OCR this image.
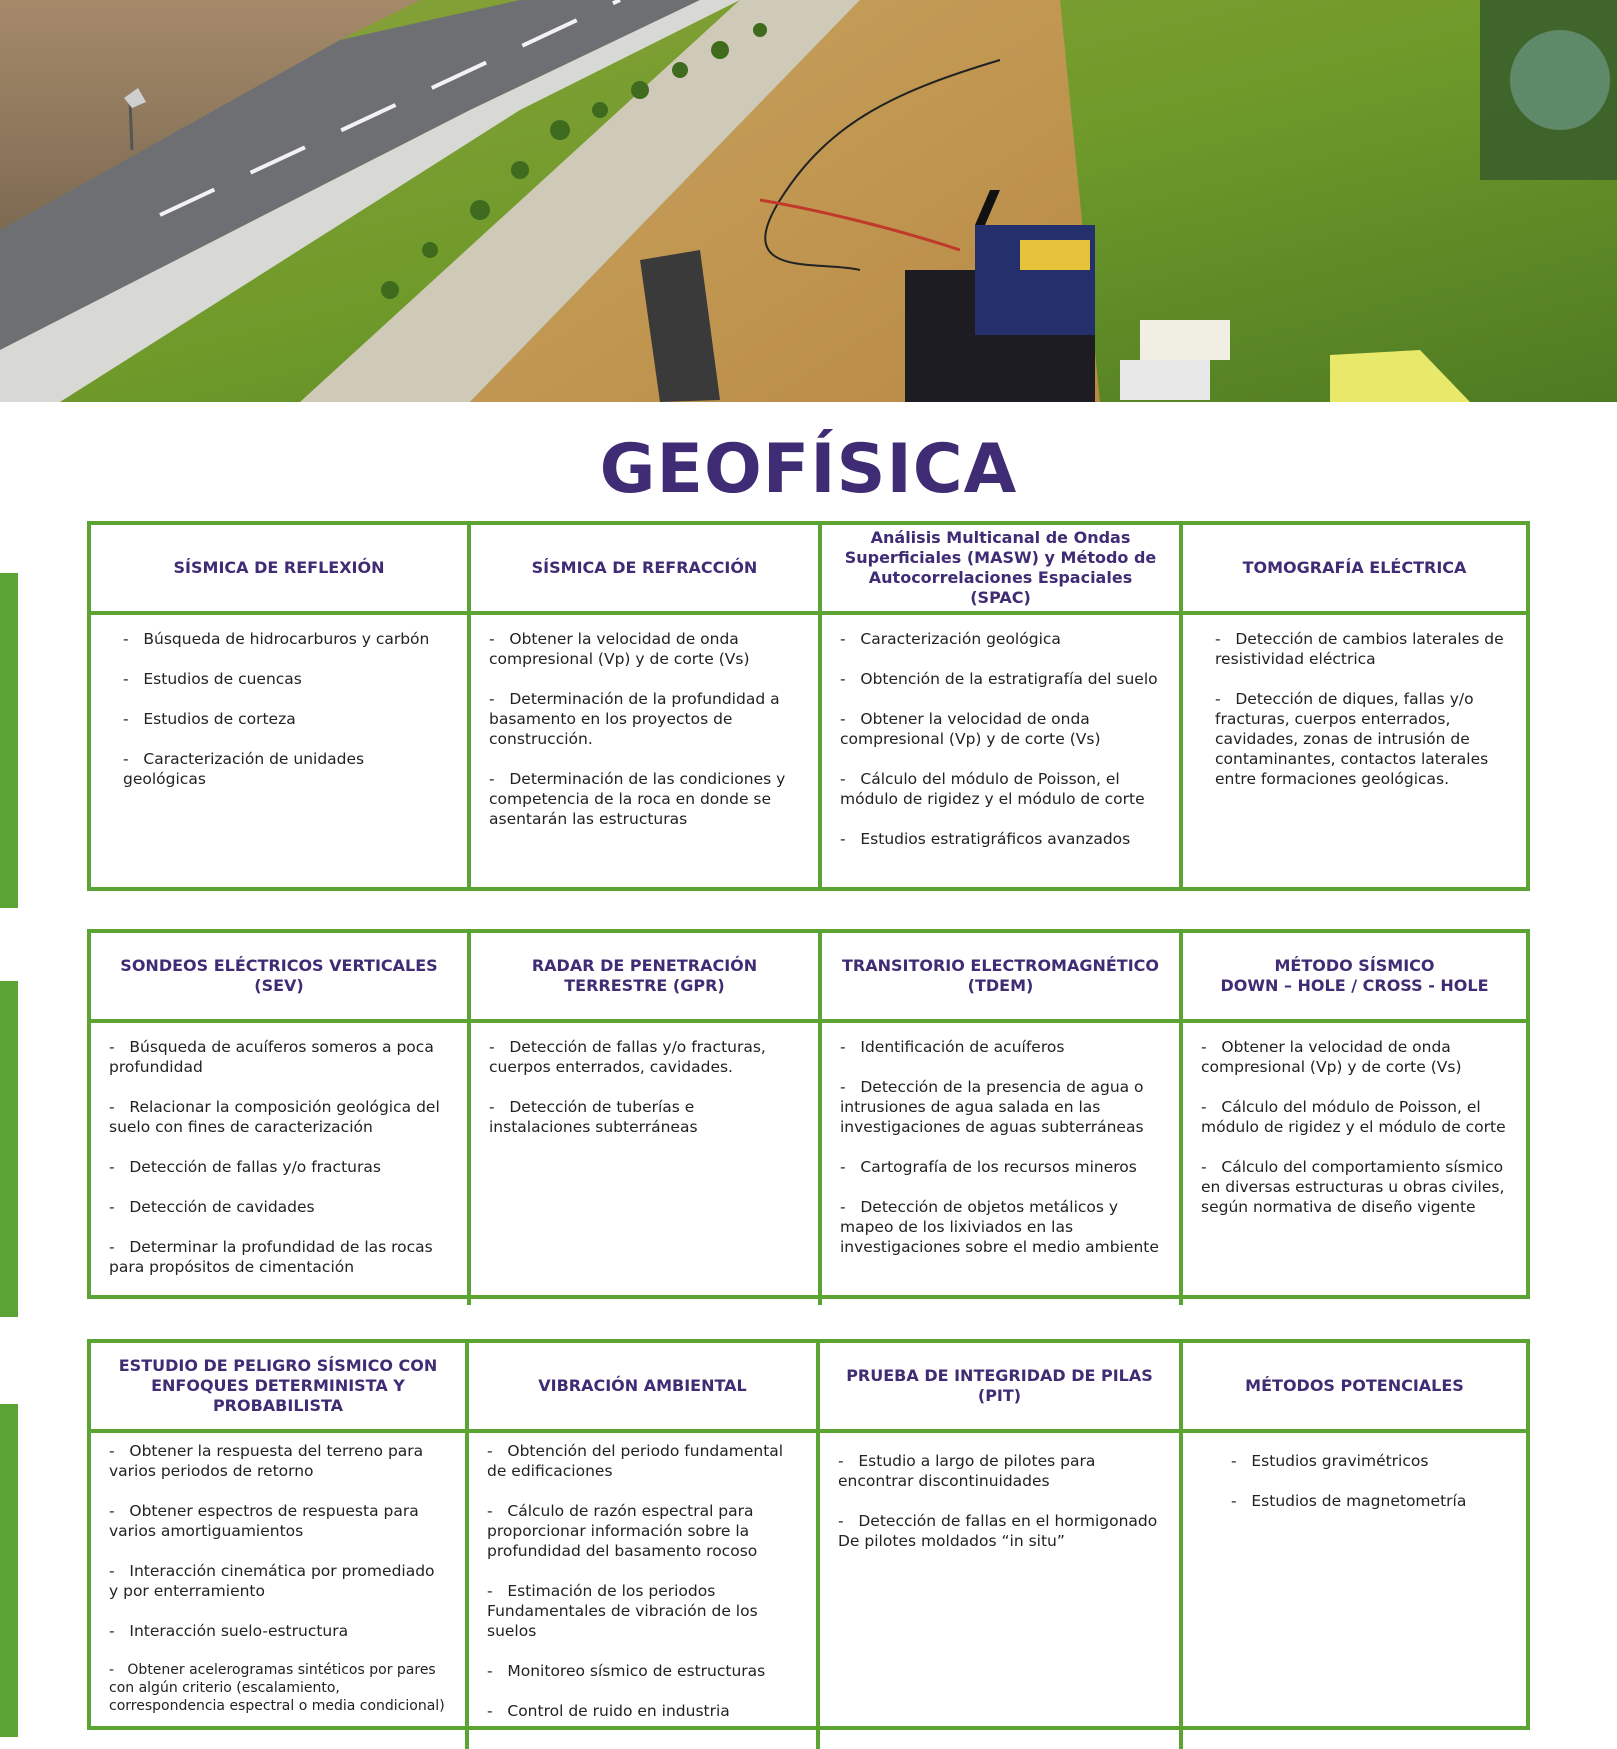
GEOFÍSICA
SÍSMICA DE REFLEXIÓN	SÍSMICA DE REFRACCIÓN
Análisis Multicanal de Ondas Superficiales (MASW) y Método de Autocorrelaciones Espaciales (SPAC)
TOMOGRAFÍA ELÉCTRICA
-   Búsqueda de hidrocarburos y carbón
-   Estudios de cuencas
-   Estudios de corteza
-   Caracterización de unidades geológicas
-   Obtener la velocidad de onda compresional (Vp) y de corte (Vs)
-   Determinación de la profundidad a basamento en los proyectos de construcción.
-   Determinación de las condiciones y competencia de la roca en donde se asentarán las estructuras
-   Caracterización geológica
-   Obtención de la estratigrafía del suelo
-   Obtener la velocidad de onda compresional (Vp) y de corte (Vs)
-   Cálculo del módulo de Poisson, el módulo de rigidez y el módulo de corte
-   Estudios estratigráficos avanzados
-   Detección de cambios laterales de resistividad eléctrica
-   Detección de diques, fallas y/o fracturas, cuerpos enterrados, cavidades, zonas de intrusión de contaminantes, contactos laterales entre formaciones geológicas.
SONDEOS ELÉCTRICOS VERTICALES (SEV)
RADAR DE PENETRACIÓN TERRESTRE (GPR)
TRANSITORIO ELECTROMAGNÉTICO (TDEM)
MÉTODO SÍSMICO
DOWN – HOLE / CROSS - HOLE
-   Búsqueda de acuíferos someros a poca profundidad
-   Relacionar la composición geológica del suelo con fines de caracterización
-   Detección de fallas y/o fracturas
-   Detección de cavidades
-   Determinar la profundidad de las rocas para propósitos de cimentación
-   Detección de fallas y/o fracturas, cuerpos enterrados, cavidades.
-   Detección de tuberías e instalaciones subterráneas
-   Identificación de acuíferos
-   Detección de la presencia de agua o intrusiones de agua salada en las investigaciones de aguas subterráneas
-   Cartografía de los recursos mineros
-   Detección de objetos metálicos y mapeo de los lixiviados en las investigaciones sobre el medio ambiente
-   Obtener la velocidad de onda compresional (Vp) y de corte (Vs)
-   Cálculo del módulo de Poisson, el módulo de rigidez y el módulo de corte
-   Cálculo del comportamiento sísmico en diversas estructuras u obras civiles, según normativa de diseño vigente
ESTUDIO DE PELIGRO SÍSMICO CON ENFOQUES DETERMINISTA Y PROBABILISTA
VIBRACIÓN AMBIENTAL
PRUEBA DE INTEGRIDAD DE PILAS (PIT)
MÉTODOS POTENCIALES
-   Obtener la respuesta del terreno para varios periodos de retorno
-   Obtener espectros de respuesta para varios amortiguamientos
-   Interacción cinemática por promediado y por enterramiento
-   Interacción suelo-estructura
-   Obtener acelerogramas sintéticos por pares con algún criterio (escalamiento, correspondencia espectral o media condicional)
-   Obtención del periodo fundamental de edificaciones
-   Cálculo de razón espectral para proporcionar información sobre la profundidad del basamento rocoso
-   Estimación de los periodos Fundamentales de vibración de los suelos
-   Monitoreo sísmico de estructuras
-   Control de ruido en industria
-   Estudio a largo de pilotes para encontrar discontinuidades
-   Detección de fallas en el hormigonado De pilotes moldados “in situ”
-   Estudios gravimétricos
-   Estudios de magnetometría
